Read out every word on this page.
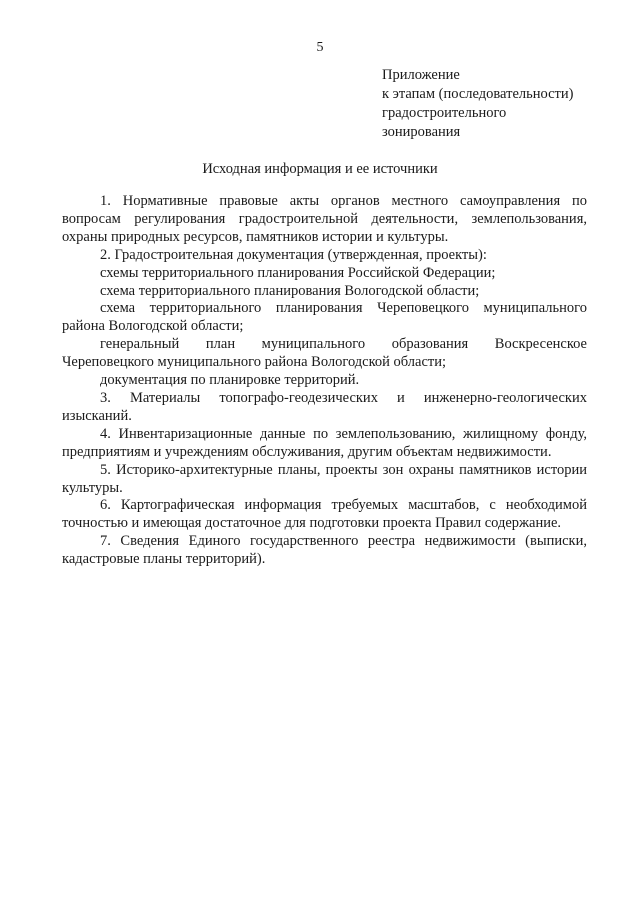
5
Приложение
к этапам (последовательности)
градостроительного
зонирования
Исходная информация и ее источники

1. Нормативные правовые акты органов местного самоуправления по вопросам регулирования градостроительной деятельности, землепользования, охраны природных ресурсов, памятников истории и культуры.

2. Градостроительная документация (утвержденная, проекты):

схемы территориального планирования Российской Федерации;

схема территориального планирования Вологодской области;

схема территориального планирования Череповецкого муниципального района Вологодской области;

генеральный план муниципального образования Воскресенское

Череповецкого муниципального района Вологодской области;

документация по планировке территорий.

3. Материалы топографо-геодезических и инженерно-геологических изысканий.

4. Инвентаризационные данные по землепользованию, жилищному фонду, предприятиям и учреждениям обслуживания, другим объектам недвижимости.

5. Историко-архитектурные планы, проекты зон охраны памятников истории культуры.

6. Картографическая информация требуемых масштабов, с необходимой точностью и имеющая достаточное для подготовки проекта Правил содержание.

7. Сведения Единого государственного реестра недвижимости (выписки, кадастровые планы территорий).
